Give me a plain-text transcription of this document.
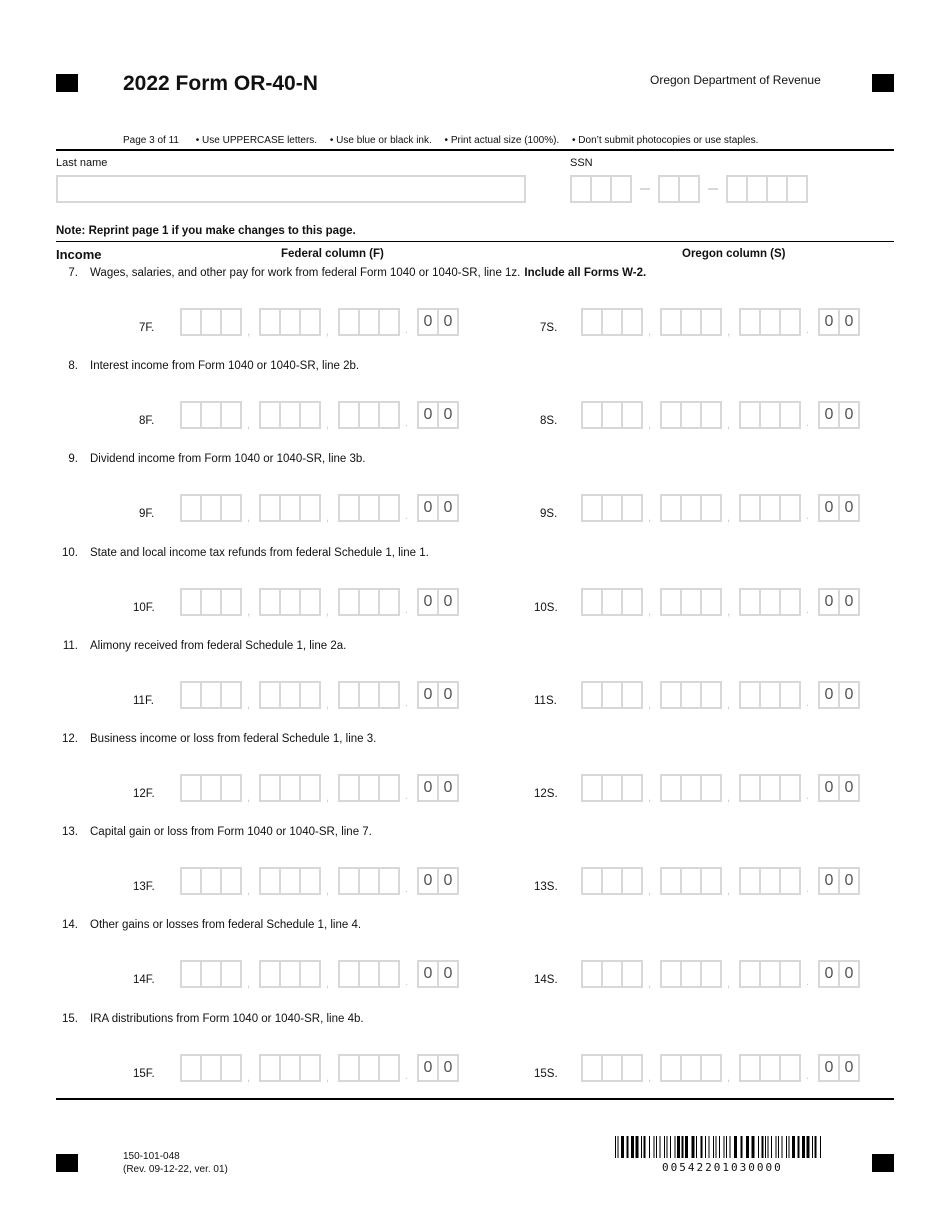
2022 Form OR-40-N	Oregon Department of Revenue
Page 3 of 11 • Use UPPERCASE letters. • Use blue or black ink. • Print actual size (100%). • Don’t submit photocopies or use staples.
Last name	SSN
Note: Reprint page 1 if you make changes to this page.
Income	Federal column (F)	Oregon column (S)
7. Wages, salaries, and other pay for work from federal Form 1040 or 1040-SR, line 1z. Include all Forms W-2.
7F. , , .	0 0	7S. , , .	0 0
8. Interest income from Form 1040 or 1040-SR, line 2b.
8F. , , .	0 0	8S. , , .	0 0
9. Dividend income from Form 1040 or 1040-SR, line 3b.
9F. , , .	0 0	9S. , , .	0 0
10. State and local income tax refunds from federal Schedule 1, line 1.
10F. , , .	0 0	10S. , , .	0 0
11. Alimony received from federal Schedule 1, line 2a.
11F. , , .	0 0	11S. , , .	0 0
12. Business income or loss from federal Schedule 1, line 3.
12F. , , .	0 0	12S. , , .	0 0
13. Capital gain or loss from Form 1040 or 1040-SR, line 7.
13F. , , .	0 0	13S. , , .	0 0
14. Other gains or losses from federal Schedule 1, line 4.
14F. , , .	0 0	14S. , , .	0 0
15. IRA distributions from Form 1040 or 1040-SR, line 4b.
15F. , , .	0 0	15S. , , .	0 0
150-101-048
(Rev. 09-12-22, ver. 01)	00542201030000
